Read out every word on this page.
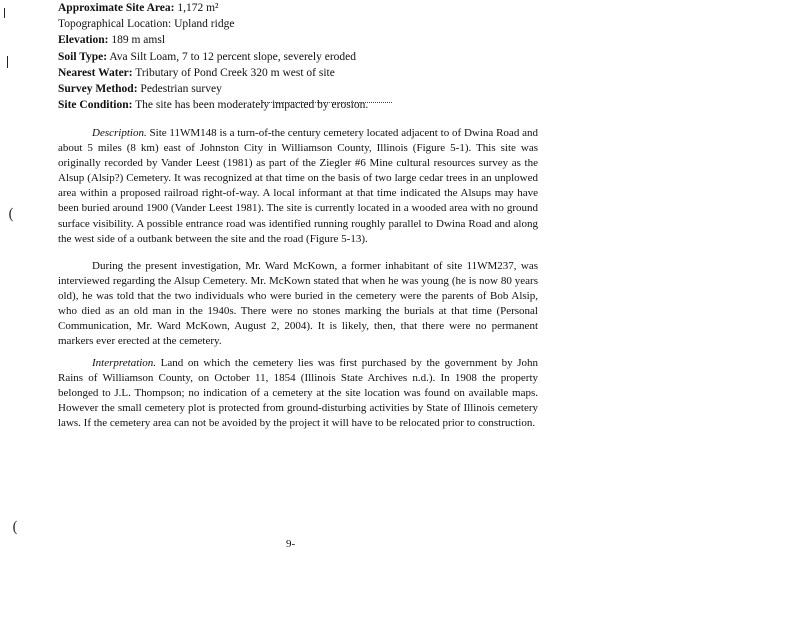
Approximate Site Area: 1,172 m²
Topographical Location: Upland ridge
Elevation: 189 m amsl
Soil Type: Ava Silt Loam, 7 to 12 percent slope, severely eroded
Nearest Water: Tributary of Pond Creek 320 m west of site
Survey Method: Pedestrian survey
Site Condition: The site has been moderately impacted by erosion.

Description. Site 11WM148 is a turn-of-the century cemetery located adjacent to of Dwina Road and about 5 miles (8 km) east of Johnston City in Williamson County, Illinois (Figure 5-1). This site was originally recorded by Vander Leest (1981) as part of the Ziegler #6 Mine cultural resources survey as the Alsup (Alsip?) Cemetery. It was recognized at that time on the basis of two large cedar trees in an unplowed area within a proposed railroad right-of-way. A local informant at that time indicated the Alsups may have been buried around 1900 (Vander Leest 1981). The site is currently located in a wooded area with no ground surface visibility. A possible entrance road was identified running roughly parallel to Dwina Road and along the west side of a outbank between the site and the road (Figure 5-13).

During the present investigation, Mr. Ward McKown, a former inhabitant of site 11WM237, was interviewed regarding the Alsup Cemetery. Mr. McKown stated that when he was young (he is now 80 years old), he was told that the two individuals who were buried in the cemetery were the parents of Bob Alsip, who died as an old man in the 1940s. There were no stones marking the burials at that time (Personal Communication, Mr. Ward McKown, August 2, 2004). It is likely, then, that there were no permanent markers ever erected at the cemetery.

Interpretation. Land on which the cemetery lies was first purchased by the government by John Rains of Williamson County, on October 11, 1854 (Illinois State Archives n.d.). In 1908 the property belonged to J.L. Thompson; no indication of a cemetery at the site location was found on available maps. However the small cemetery plot is protected from ground-disturbing activities by State of Illinois cemetery laws. If the cemetery area can not be avoided by the project it will have to be relocated prior to construction.

9-
(
(
